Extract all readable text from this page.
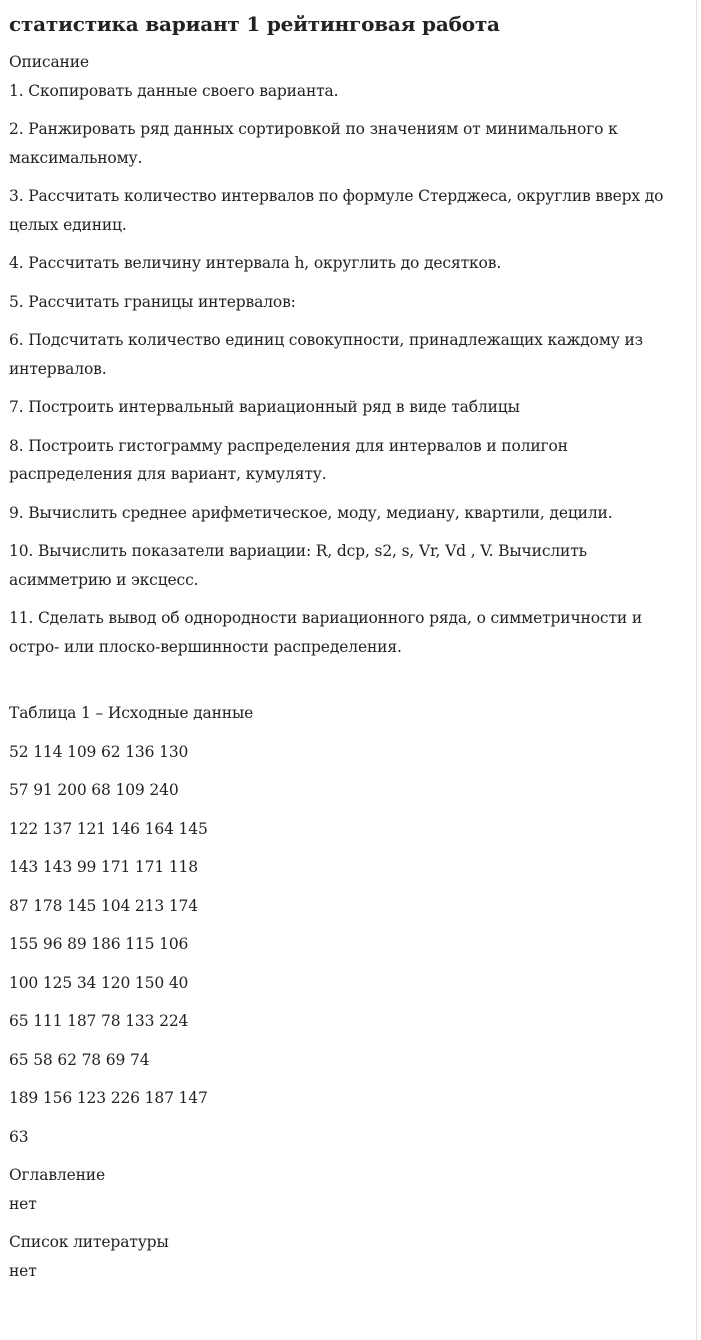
статистика вариант 1 рейтинговая работа

Описание

1. Скопировать данные своего варианта.
2. Ранжировать ряд данных сортировкой по значениям от минимального к максимальному.
3. Рассчитать количество интервалов по формуле Стерджеса, округлив вверх до целых единиц.
4. Рассчитать величину интервала h, округлить до десятков.
5. Рассчитать границы интервалов:
6. Подсчитать количество единиц совокупности, принадлежащих каждому из интервалов.
7. Построить интервальный вариационный ряд в виде таблицы
8. Построить гистограмму распределения для интервалов и полигон распределения для вариант, кумуляту.
9. Вычислить среднее арифметическое, моду, медиану, квартили, децили.
10. Вычислить показатели вариации: R, dср, s2, s, Vr, Vd , V. Вычислить асимметрию и эксцесс.
11. Сделать вывод об однородности вариационного ряда, о симметричности и остро- или плоско-вершинности распределения.

Таблица 1 – Исходные данные

52 114 109 62 136 130
57 91 200 68 109 240
122 137 121 146 164 145
143 143 99 171 171 118
87 178 145 104 213 174
155 96 89 186 115 106
100 125 34 120 150 40
65 111 187 78 133 224
65 58 62 78 69 74
189 156 123 226 187 147
63

Оглавление

нет

Список литературы

нет
